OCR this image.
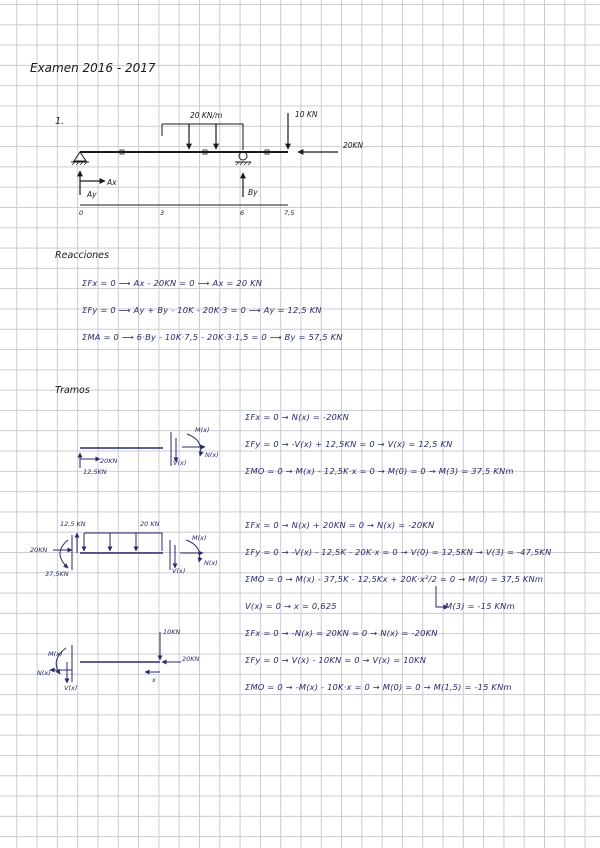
Examen 2016 - 2017
1.
20 KN/m	10 KN
20KN
Ax
Ay	By
0	3	6	7,5
Reacciones
ΣFx = 0 ⟶ Ax - 20KN = 0 ⟶ Ax = 20 KN
ΣFy = 0 ⟶ Ay + By - 10K - 20K·3 = 0 ⟶ Ay = 12,5 KN
ΣMA = 0 ⟶ 6·By - 10K·7,5 - 20K·3·1,5 = 0 ⟶ By = 57,5 KN
Tramos
M(x)
V(x)
N(x)
20KN
12,5KN
ΣFx = 0 → N(x) = -20KN
ΣFy = 0 → -V(x) + 12,5KN = 0 → V(x) = 12,5 KN
ΣMO = 0 → M(x) - 12,5K·x = 0 → M(0) = 0 → M(3) = 37,5 KNm
12,5 KN	20 KN
20KN
37,5KN
M(x)
V(x)
N(x)
ΣFx = 0 → N(x) + 20KN = 0 → N(x) = -20KN
ΣFy = 0 → -V(x) - 12,5K - 20K·x = 0 → V(0) = 12,5KN → V(3) = -47,5KN
ΣMO = 0 → M(x) - 37,5K - 12,5Kx + 20K·x²/2 = 0 → M(0) = 37,5 KNm
V(x) = 0 → x = 0,625	M(3) = -15 KNm
10KN
20KN
M(x)
N(x)
V(x)
x
ΣFx = 0 → -N(x) = 20KN = 0 → N(x) = -20KN
ΣFy = 0 → V(x) - 10KN = 0 → V(x) = 10KN
ΣMO = 0 → -M(x) - 10K·x = 0 → M(0) = 0 → M(1,5) = -15 KNm
